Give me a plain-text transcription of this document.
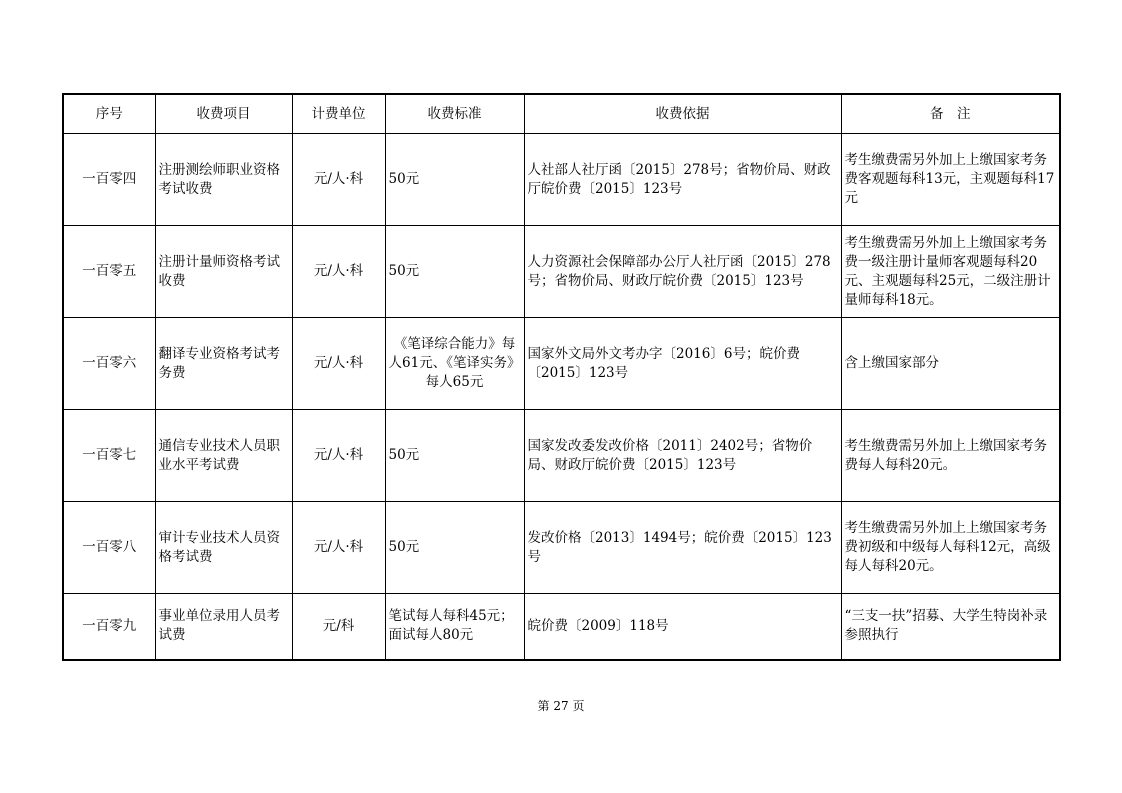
序号	收费项目	计费单位	收费标准	收费依据	备　注
一百零四	注册测绘师职业资格考试收费	元/人·科	50元	人社部人社厅函〔2015〕278号；省物价局、财政厅皖价费〔2015〕123号	考生缴费需另外加上上缴国家考务费客观题每科13元，主观题每科17元
一百零五	注册计量师资格考试收费	元/人·科	50元	人力资源社会保障部办公厅人社厅函〔2015〕278号；省物价局、财政厅皖价费〔2015〕123号	考生缴费需另外加上上缴国家考务费一级注册计量师客观题每科20元、主观题每科25元，二级注册计量师每科18元。
一百零六	翻译专业资格考试考务费	元/人·科	《笔译综合能力》每人61元、《笔译实务》每人65元	国家外文局外文考办字〔2016〕6号；皖价费〔2015〕123号	含上缴国家部分
一百零七	通信专业技术人员职业水平考试费	元/人·科	50元	国家发改委发改价格〔2011〕2402号；省物价局、财政厅皖价费〔2015〕123号	考生缴费需另外加上上缴国家考务费每人每科20元。
一百零八	审计专业技术人员资格考试费	元/人·科	50元	发改价格〔2013〕1494号；皖价费〔2015〕123号	考生缴费需另外加上上缴国家考务费初级和中级每人每科12元，高级每人每科20元。
一百零九	事业单位录用人员考试费	元/科	笔试每人每科45元；面试每人80元	皖价费〔2009〕118号	“三支一扶”招募、大学生特岗补录参照执行
第 27 页
